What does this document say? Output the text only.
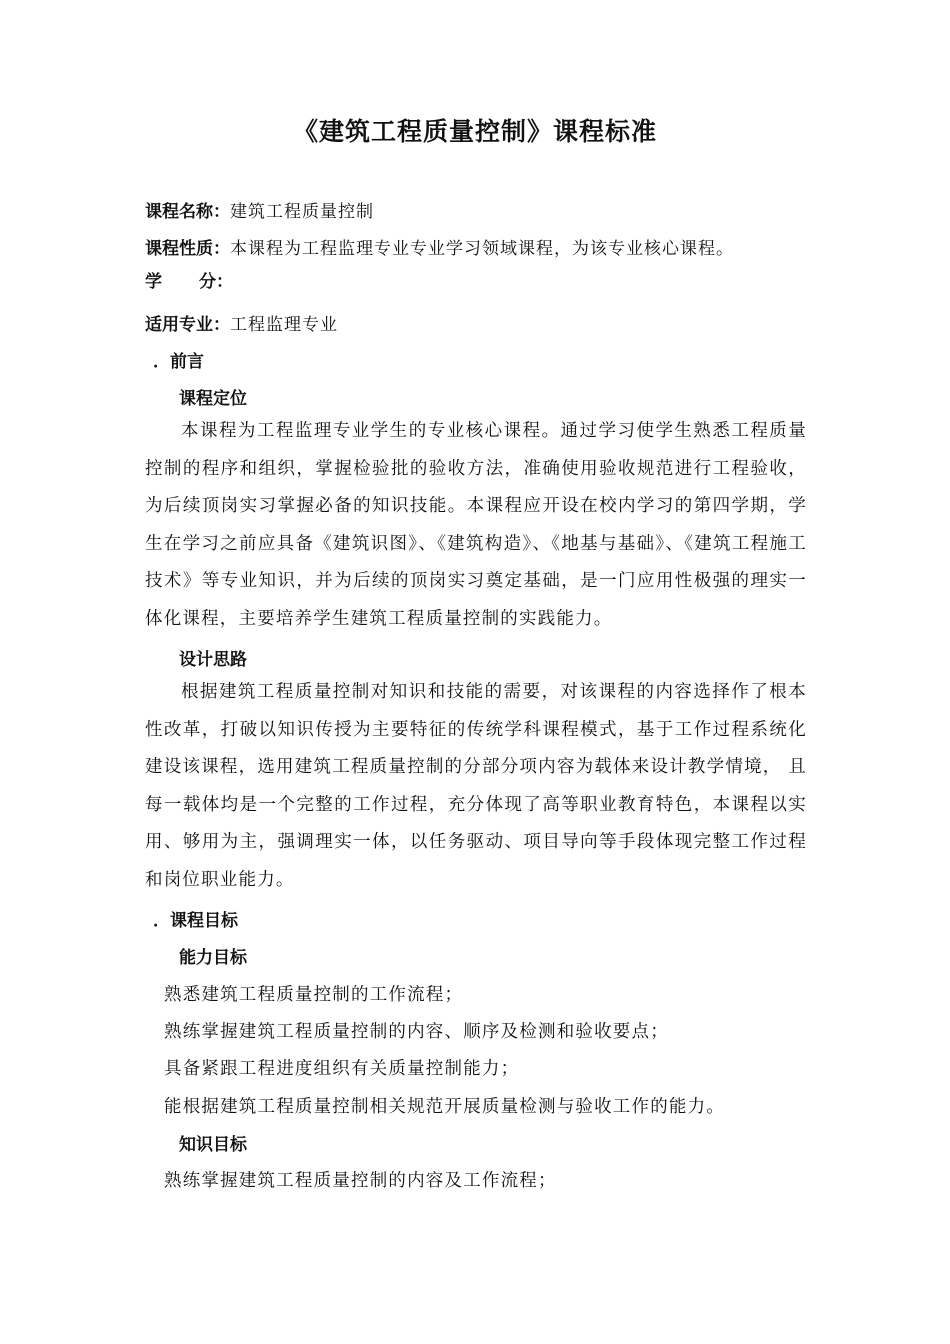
《建筑工程质量控制》课程标准
课程名称：建筑工程质量控制
课程性质：本课程为工程监理专业专业学习领域课程，为该专业核心课程。
学 分：
适用专业：工程监理专业
．前言
课程定位
本课程为工程监理专业学生的专业核心课程。通过学习使学生熟悉工程质量控制的程序和组织，掌握检验批的验收方法，准确使用验收规范进行工程验收，为后续顶岗实习掌握必备的知识技能。本课程应开设在校内学习的第四学期，学生在学习之前应具备《建筑识图》、《建筑构造》、《地基与基础》、《建筑工程施工技术》等专业知识，并为后续的顶岗实习奠定基础，是一门应用性极强的理实一体化课程，主要培养学生建筑工程质量控制的实践能力。
设计思路
根据建筑工程质量控制对知识和技能的需要，对该课程的内容选择作了根本性改革，打破以知识传授为主要特征的传统学科课程模式，基于工作过程系统化建设该课程，选用建筑工程质量控制的分部分项内容为载体来设计教学情境， 且每一载体均是一个完整的工作过程，充分体现了高等职业教育特色，本课程以实用、够用为主，强调理实一体，以任务驱动、项目导向等手段体现完整工作过程和岗位职业能力。
．课程目标
能力目标
熟悉建筑工程质量控制的工作流程；
熟练掌握建筑工程质量控制的内容、顺序及检测和验收要点；
具备紧跟工程进度组织有关质量控制能力；
能根据建筑工程质量控制相关规范开展质量检测与验收工作的能力。
知识目标
熟练掌握建筑工程质量控制的内容及工作流程；
